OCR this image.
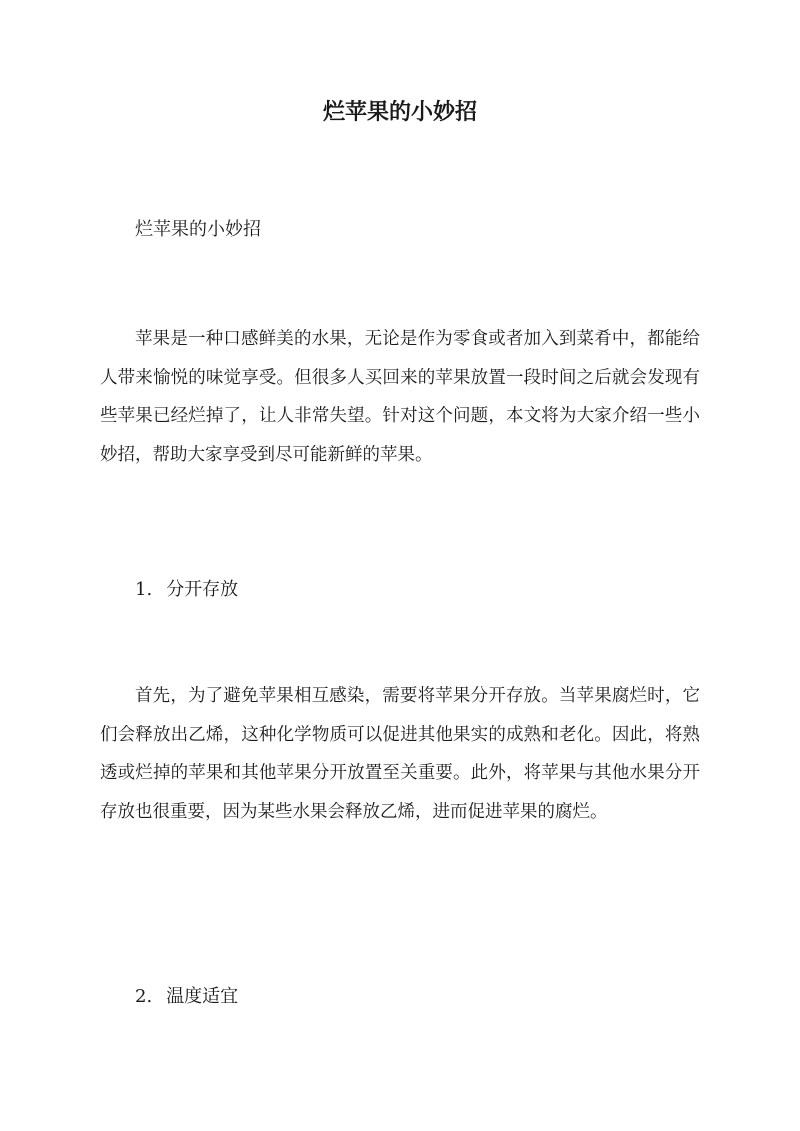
烂苹果的小妙招
烂苹果的小妙招

苹果是一种口感鲜美的水果，无论是作为零食或者加入到菜肴中，都能给人带来愉悦的味觉享受。但很多人买回来的苹果放置一段时间之后就会发现有些苹果已经烂掉了，让人非常失望。针对这个问题，本文将为大家介绍一些小妙招，帮助大家享受到尽可能新鲜的苹果。

1. 分开存放

首先，为了避免苹果相互感染，需要将苹果分开存放。当苹果腐烂时，它们会释放出乙烯，这种化学物质可以促进其他果实的成熟和老化。因此，将熟透或烂掉的苹果和其他苹果分开放置至关重要。此外，将苹果与其他水果分开存放也很重要，因为某些水果会释放乙烯，进而促进苹果的腐烂。

2. 温度适宜
